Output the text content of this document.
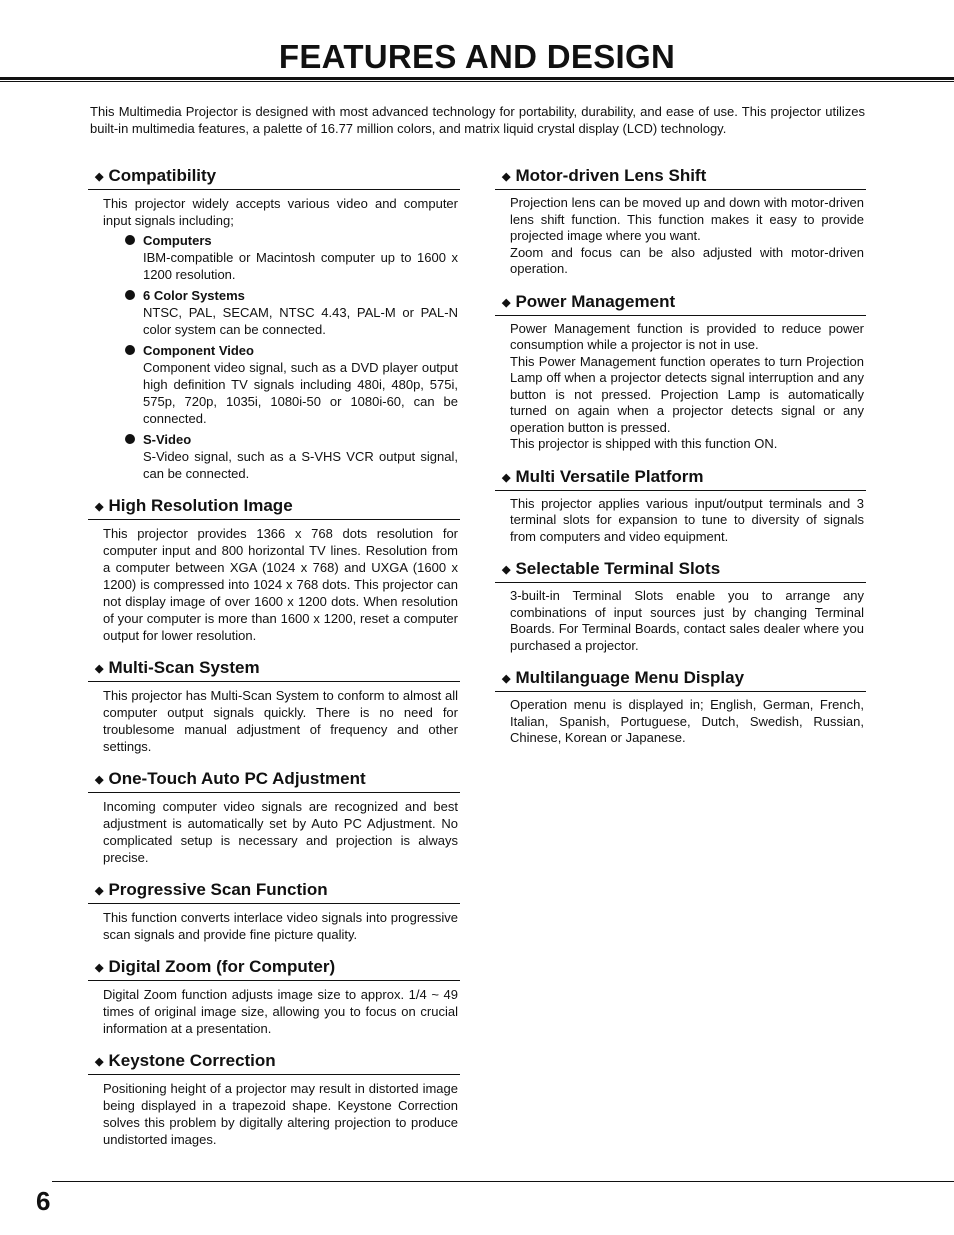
FEATURES AND DESIGN
This Multimedia Projector is designed with most advanced technology for portability, durability, and ease of use. This projector utilizes built-in multimedia features, a palette of 16.77 million colors, and matrix liquid crystal display (LCD) technology.
◆ Compatibility
This projector widely accepts various video and computer input signals including;
Computers
IBM-compatible or Macintosh computer up to 1600 x 1200 resolution.
6 Color Systems
NTSC, PAL, SECAM, NTSC 4.43, PAL-M or PAL-N color system can be connected.
Component Video
Component video signal, such as a DVD player output high definition TV signals including 480i, 480p, 575i, 575p, 720p, 1035i, 1080i-50 or 1080i-60, can be connected.
S-Video
S-Video signal, such as a S-VHS VCR output signal, can be connected.
◆ High Resolution Image
This projector provides 1366 x 768 dots resolution for computer input and 800 horizontal TV lines. Resolution from a computer between XGA (1024 x 768) and UXGA (1600 x 1200) is compressed into 1024 x 768 dots. This projector can not display image of over 1600 x 1200 dots. When resolution of your computer is more than 1600 x 1200, reset a computer output for lower resolution.
◆ Multi-Scan System
This projector has Multi-Scan System to conform to almost all computer output signals quickly. There is no need for troublesome manual adjustment of frequency and other settings.
◆ One-Touch Auto PC Adjustment
Incoming computer video signals are recognized and best adjustment is automatically set by Auto PC Adjustment. No complicated setup is necessary and projection is always precise.
◆ Progressive Scan Function
This function converts interlace video signals into progressive scan signals and provide fine picture quality.
◆ Digital Zoom (for Computer)
Digital Zoom function adjusts image size to approx. 1/4 ~ 49 times of original image size, allowing you to focus on crucial information at a presentation.
◆ Keystone Correction
Positioning height of a projector may result in distorted image being displayed in a trapezoid shape. Keystone Correction solves this problem by digitally altering projection to produce undistorted images.
◆ Motor-driven Lens Shift
Projection lens can be moved up and down with motor-driven lens shift function. This function makes it easy to provide projected image where you want.
Zoom and focus can be also adjusted with motor-driven operation.
◆ Power Management
Power Management function is provided to reduce power consumption while a projector is not in use.
This Power Management function operates to turn Projection Lamp off when a projector detects signal interruption and any button is not pressed. Projection Lamp is automatically turned on again when a projector detects signal or any operation button is pressed.
This projector is shipped with this function ON.
◆ Multi Versatile Platform
This projector applies various input/output terminals and 3 terminal slots for expansion to tune to diversity of signals from computers and video equipment.
◆ Selectable Terminal Slots
3-built-in Terminal Slots enable you to arrange any combinations of input sources just by changing Terminal Boards. For Terminal Boards, contact sales dealer where you purchased a projector.
◆ Multilanguage Menu Display
Operation menu is displayed in; English, German, French, Italian, Spanish, Portuguese, Dutch, Swedish, Russian, Chinese, Korean or Japanese.
6
